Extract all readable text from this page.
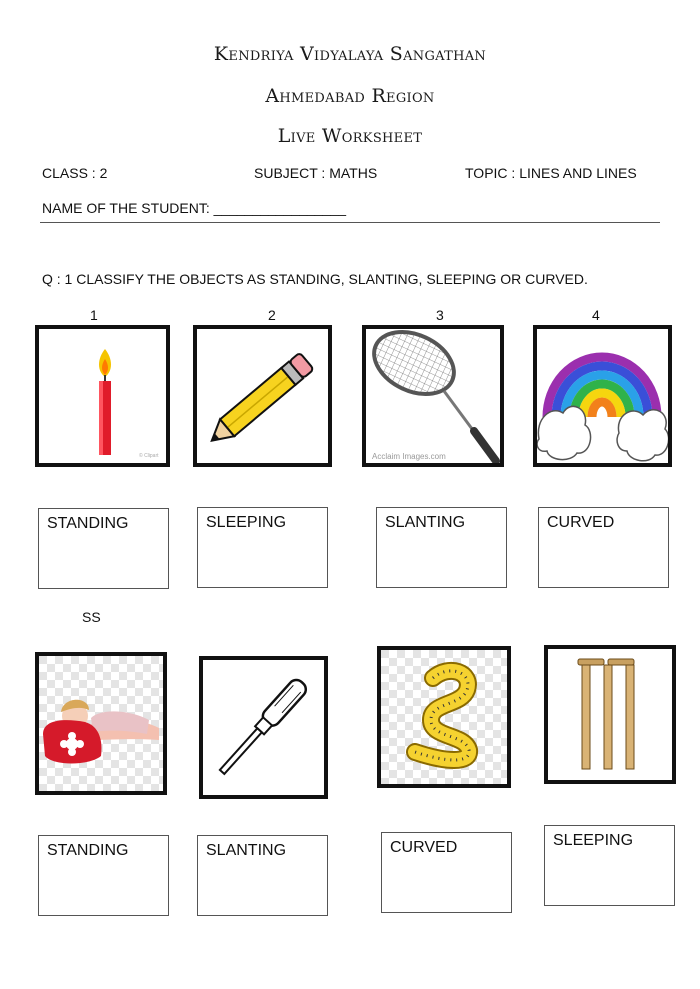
Kendriya Vidyalaya Sangathan
Ahmedabad Region
Live Worksheet
CLASS : 2	SUBJECT : MATHS	TOPIC : LINES AND LINES
NAME OF THE STUDENT: _________________
Q : 1 CLASSIFY THE OBJECTS AS STANDING, SLANTING, SLEEPING OR CURVED.
1	2	3	4
© Clipart	Acclaim Images.com
STANDING	SLEEPING	SLANTING	CURVED
SS
STANDING	SLANTING	CURVED	SLEEPING
